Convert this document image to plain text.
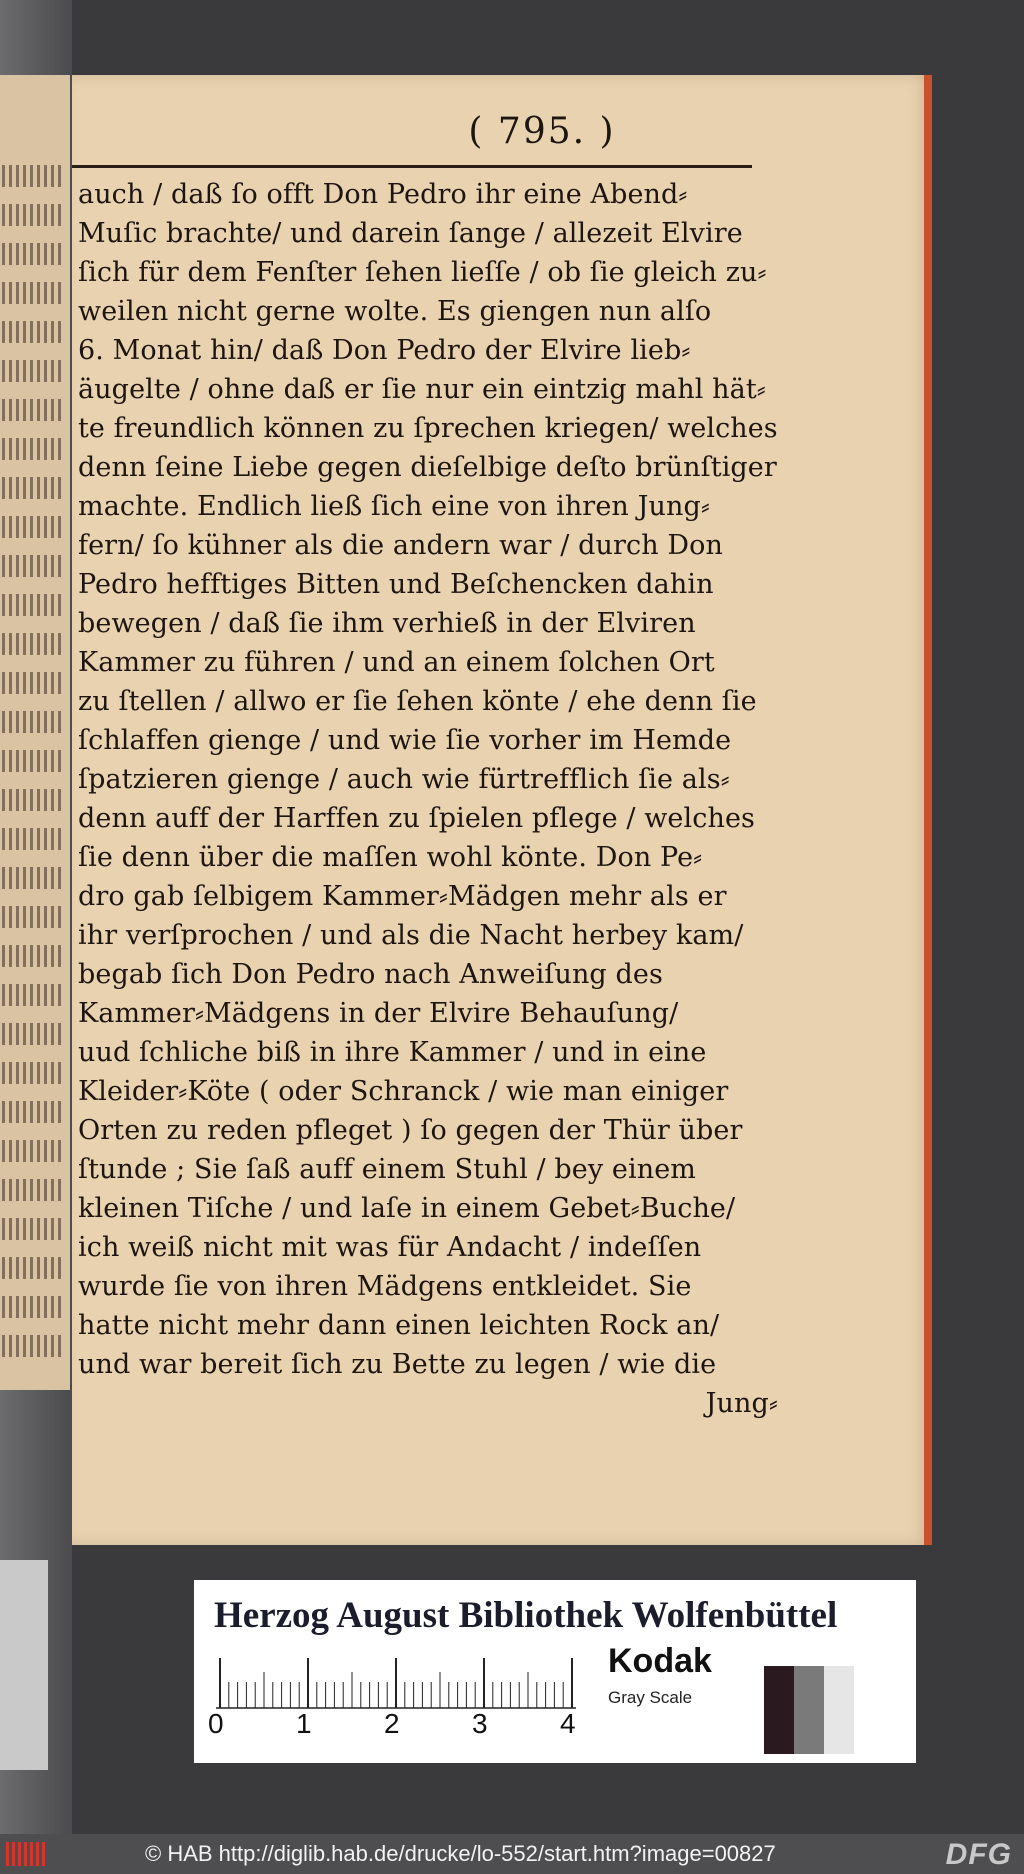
( 795. )
auch / daß ſo offt Don Pedro ihr eine Abend⸗
Muſic brachte/ und darein ſange / allezeit Elvire
ſich für dem Fenſter ſehen lieſſe / ob ſie gleich zu⸗
weilen nicht gerne wolte. Es giengen nun alſo
6. Monat hin/ daß Don Pedro der Elvire lieb⸗
äugelte / ohne daß er ſie nur ein eintzig mahl hät⸗
te freundlich können zu ſprechen kriegen/ welches
denn ſeine Liebe gegen dieſelbige deſto brünſtiger
machte. Endlich ließ ſich eine von ihren Jung⸗
fern/ ſo kühner als die andern war / durch Don
Pedro hefftiges Bitten und Beſchencken dahin
bewegen / daß ſie ihm verhieß in der Elviren
Kammer zu führen / und an einem ſolchen Ort
zu ſtellen / allwo er ſie ſehen könte / ehe denn ſie
ſchlaffen gienge / und wie ſie vorher im Hemde
ſpatzieren gienge / auch wie fürtrefflich ſie als⸗
denn auff der Harffen zu ſpielen pflege / welches
ſie denn über die maſſen wohl könte. Don Pe⸗
dro gab ſelbigem Kammer⸗Mädgen mehr als er
ihr verſprochen / und als die Nacht herbey kam/
begab ſich Don Pedro nach Anweiſung des
Kammer⸗Mädgens in der Elvire Behauſung/
uud ſchliche biß in ihre Kammer / und in eine
Kleider⸗Köte ( oder Schranck / wie man einiger
Orten zu reden pfleget ) ſo gegen der Thür über
ſtunde ; Sie ſaß auff einem Stuhl / bey einem
kleinen Tiſche / und laſe in einem Gebet⸗Buche/
ich weiß nicht mit was für Andacht / indeſſen
wurde ſie von ihren Mädgens entkleidet. Sie
hatte nicht mehr dann einen leichten Rock an/
und war bereit ſich zu Bette zu legen / wie die
Jung⸗
Herzog August Bibliothek Wolfenbüttel
0	1	2	3	4
Kodak
Gray Scale
© HAB http://diglib.hab.de/drucke/lo-552/start.htm?image=00827	DFG
